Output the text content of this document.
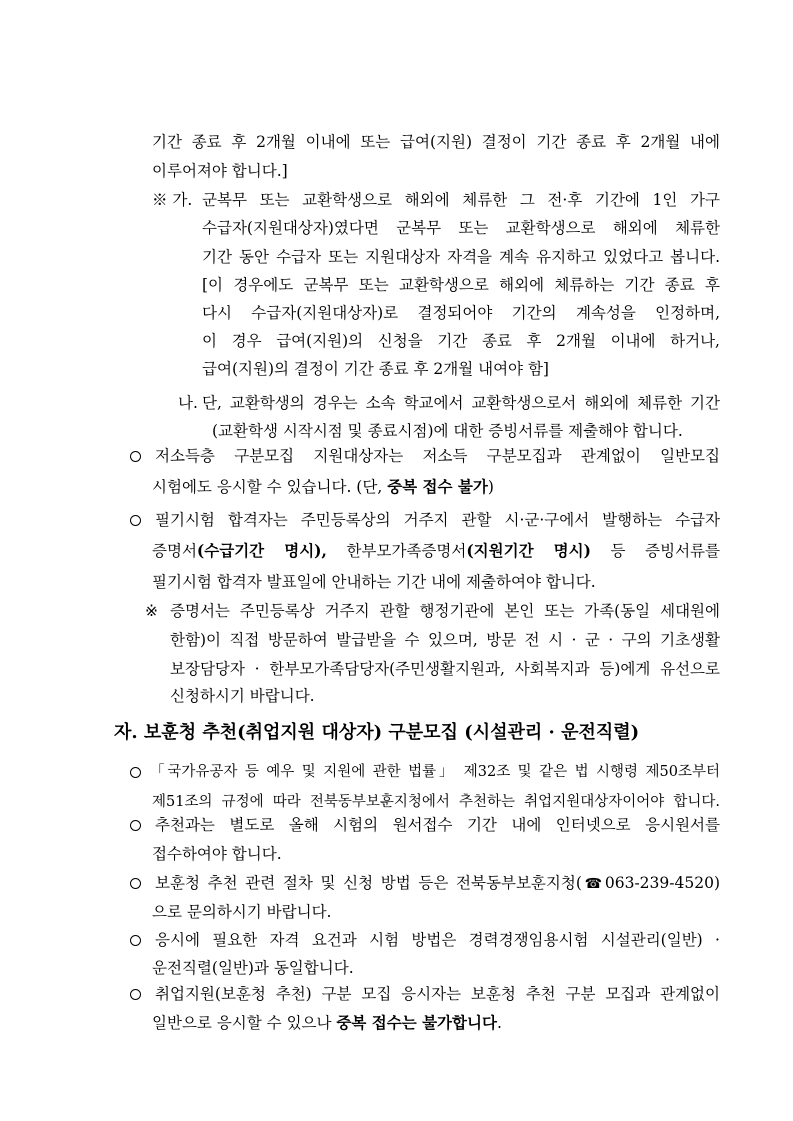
기간 종료 후 2개월 이내에 또는 급여(지원) 결정이 기간 종료 후 2개월 내에
이루어져야 합니다.]
※ 가. 군복무 또는 교환학생으로 해외에 체류한 그 전·후 기간에 1인 가구
수급자(지원대상자)였다면 군복무 또는 교환학생으로 해외에 체류한
기간 동안 수급자 또는 지원대상자 자격을 계속 유지하고 있었다고 봅니다.
[이 경우에도 군복무 또는 교환학생으로 해외에 체류하는 기간 종료 후
다시 수급자(지원대상자)로 결정되어야 기간의 계속성을 인정하며,
이 경우 급여(지원)의 신청을 기간 종료 후 2개월 이내에 하거나,
급여(지원)의 결정이 기간 종료 후 2개월 내여야 함]
나. 단, 교환학생의 경우는 소속 학교에서 교환학생으로서 해외에 체류한 기간
(교환학생 시작시점 및 종료시점)에 대한 증빙서류를 제출해야 합니다.
저소득층 구분모집 지원대상자는 저소득 구분모집과 관계없이 일반모집
시험에도 응시할 수 있습니다. (단, 중복 접수 불가)
필기시험 합격자는 주민등록상의 거주지 관할 시·군·구에서 발행하는 수급자
증명서(수급기간 명시), 한부모가족증명서(지원기간 명시) 등 증빙서류를
필기시험 합격자 발표일에 안내하는 기간 내에 제출하여야 합니다.
※ 증명서는 주민등록상 거주지 관할 행정기관에 본인 또는 가족(동일 세대원에
한함)이 직접 방문하여 발급받을 수 있으며, 방문 전 시 · 군 · 구의 기초생활
보장담당자 · 한부모가족담당자(주민생활지원과, 사회복지과 등)에게 유선으로
신청하시기 바랍니다.
자. 보훈청 추천(취업지원 대상자) 구분모집 (시설관리 · 운전직렬)
「국가유공자 등 예우 및 지원에 관한 법률」 제32조 및 같은 법 시행령 제50조부터
제51조의 규정에 따라 전북동부보훈지청에서 추천하는 취업지원대상자이어야 합니다.
추천과는 별도로 올해 시험의 원서접수 기간 내에 인터넷으로 응시원서를
접수하여야 합니다.
보훈청 추천 관련 절차 및 신청 방법 등은 전북동부보훈지청(☎063-239-4520)
으로 문의하시기 바랍니다.
응시에 필요한 자격 요건과 시험 방법은 경력경쟁임용시험 시설관리(일반) ·
운전직렬(일반)과 동일합니다.
취업지원(보훈청 추천) 구분 모집 응시자는 보훈청 추천 구분 모집과 관계없이
일반으로 응시할 수 있으나 중복 접수는 불가합니다.
